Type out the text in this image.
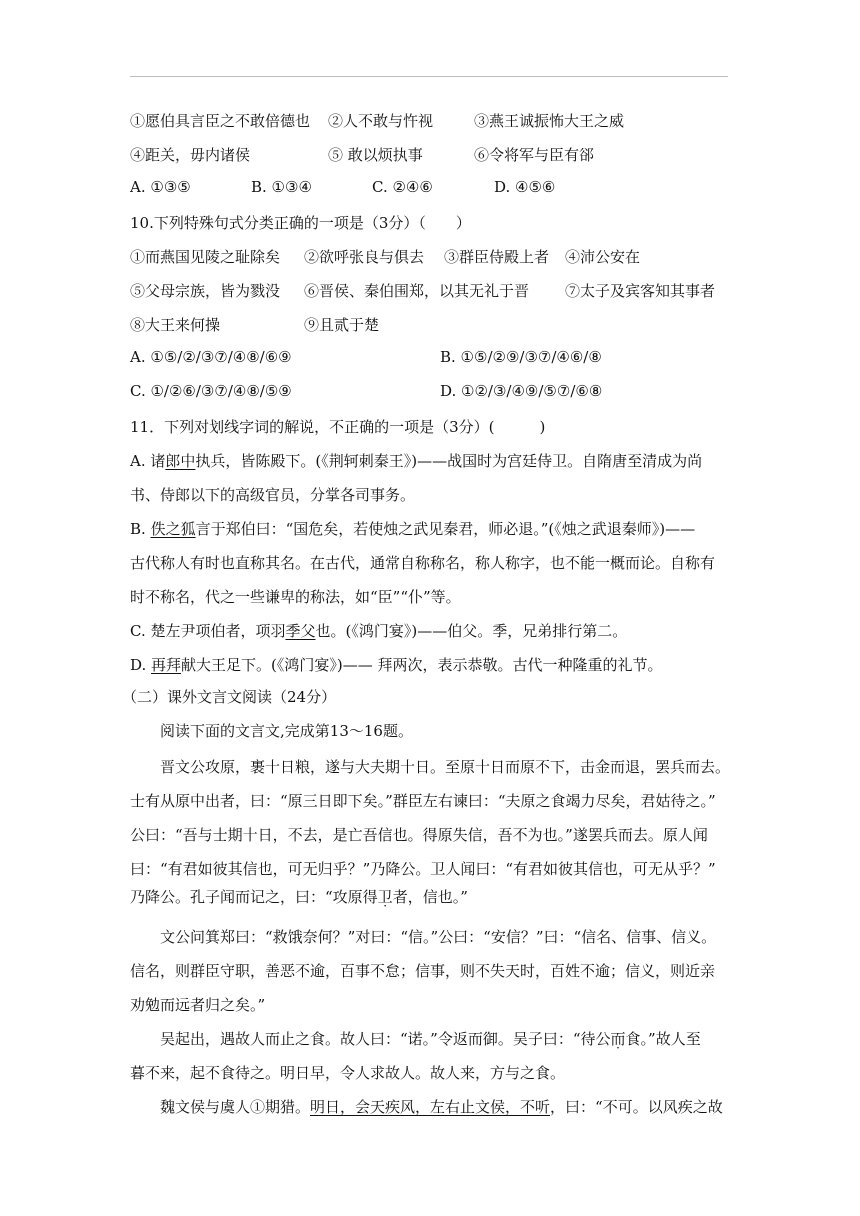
①愿伯具言臣之不敢倍德也 ②人不敢与忤视	③燕王诚振怖大王之威
④距关，毋内诸侯	⑤ 敢以烦执事	⑥令将军与臣有郤
A. ①③⑤	B. ①③④	C. ②④⑥	D. ④⑤⑥
10.下列特殊句式分类正确的一项是（3分）（　　）
①而燕国见陵之耻除矣 ②欲呼张良与俱去 ③群臣侍殿上者 ④沛公安在
⑤父母宗族，皆为戮没 ⑥晋侯、秦伯围郑，以其无礼于晋 ⑦太子及宾客知其事者
⑧大王来何操	⑨且贰于楚
A. ①⑤/②/③⑦/④⑧/⑥⑨	B. ①⑤/②⑨/③⑦/④⑥/⑧
C. ①/②⑥/③⑦/④⑧/⑤⑨	D. ①②/③/④⑨/⑤⑦/⑥⑧
11．下列对划线字词的解说，不正确的一项是（3分）(　　　)
A. 诸郎中执兵，皆陈殿下。(《荆轲刺秦王》)——战国时为宫廷侍卫。自隋唐至清成为尚
书、侍郎以下的高级官员，分掌各司事务。
B. 佚之狐言于郑伯曰：“国危矣，若使烛之武见秦君，师必退。”(《烛之武退秦师》)——
古代称人有时也直称其名。在古代，通常自称称名，称人称字，也不能一概而论。自称有
时不称名，代之一些谦卑的称法，如“臣”“仆”等。
C. 楚左尹项伯者，项羽季父也。(《鸿门宴》)——伯父。季，兄弟排行第二。
D. 再拜献大王足下。(《鸿门宴》)—— 拜两次，表示恭敬。古代一种隆重的礼节。
（二）课外文言文阅读（24分）
阅读下面的文言文,完成第13～16题。
晋文公攻原，裹十日粮，遂与大夫期十日。至原十日而原不下，击金而退，罢兵而去。
士有从原中出者，曰：“原三日即下矣。”群臣左右谏曰：“夫原之食竭力尽矣，君姑待之。”
公曰：“吾与士期十日，不去，是亡吾信也。得原失信，吾不为也。”遂罢兵而去。原人闻
曰：“有君如彼其信也，可无归乎？”乃降公。卫人闻曰：“有君如彼其信也，可无从乎？”
乃降公。孔子闻而记之，曰：“攻原得卫者，信也。”
文公问箕郑曰：“救饿奈何？”对曰：“信。”公曰：“安信？”曰：“信名、信事、信义。
信名，则群臣守职，善恶不逾，百事不怠；信事，则不失天时，百姓不逾；信义，则近亲
劝勉而远者归之矣。”
吴起出，遇故人而止之食。故人曰：“诺。”令返而御。吴子曰：“待公而食。”故人至
暮不来，起不食待之。明日早，令人求故人。故人来，方与之食。
魏文侯与虞人①期猎。明日，会天疾风，左右止文侯，不听，曰：“不可。以风疾之故
